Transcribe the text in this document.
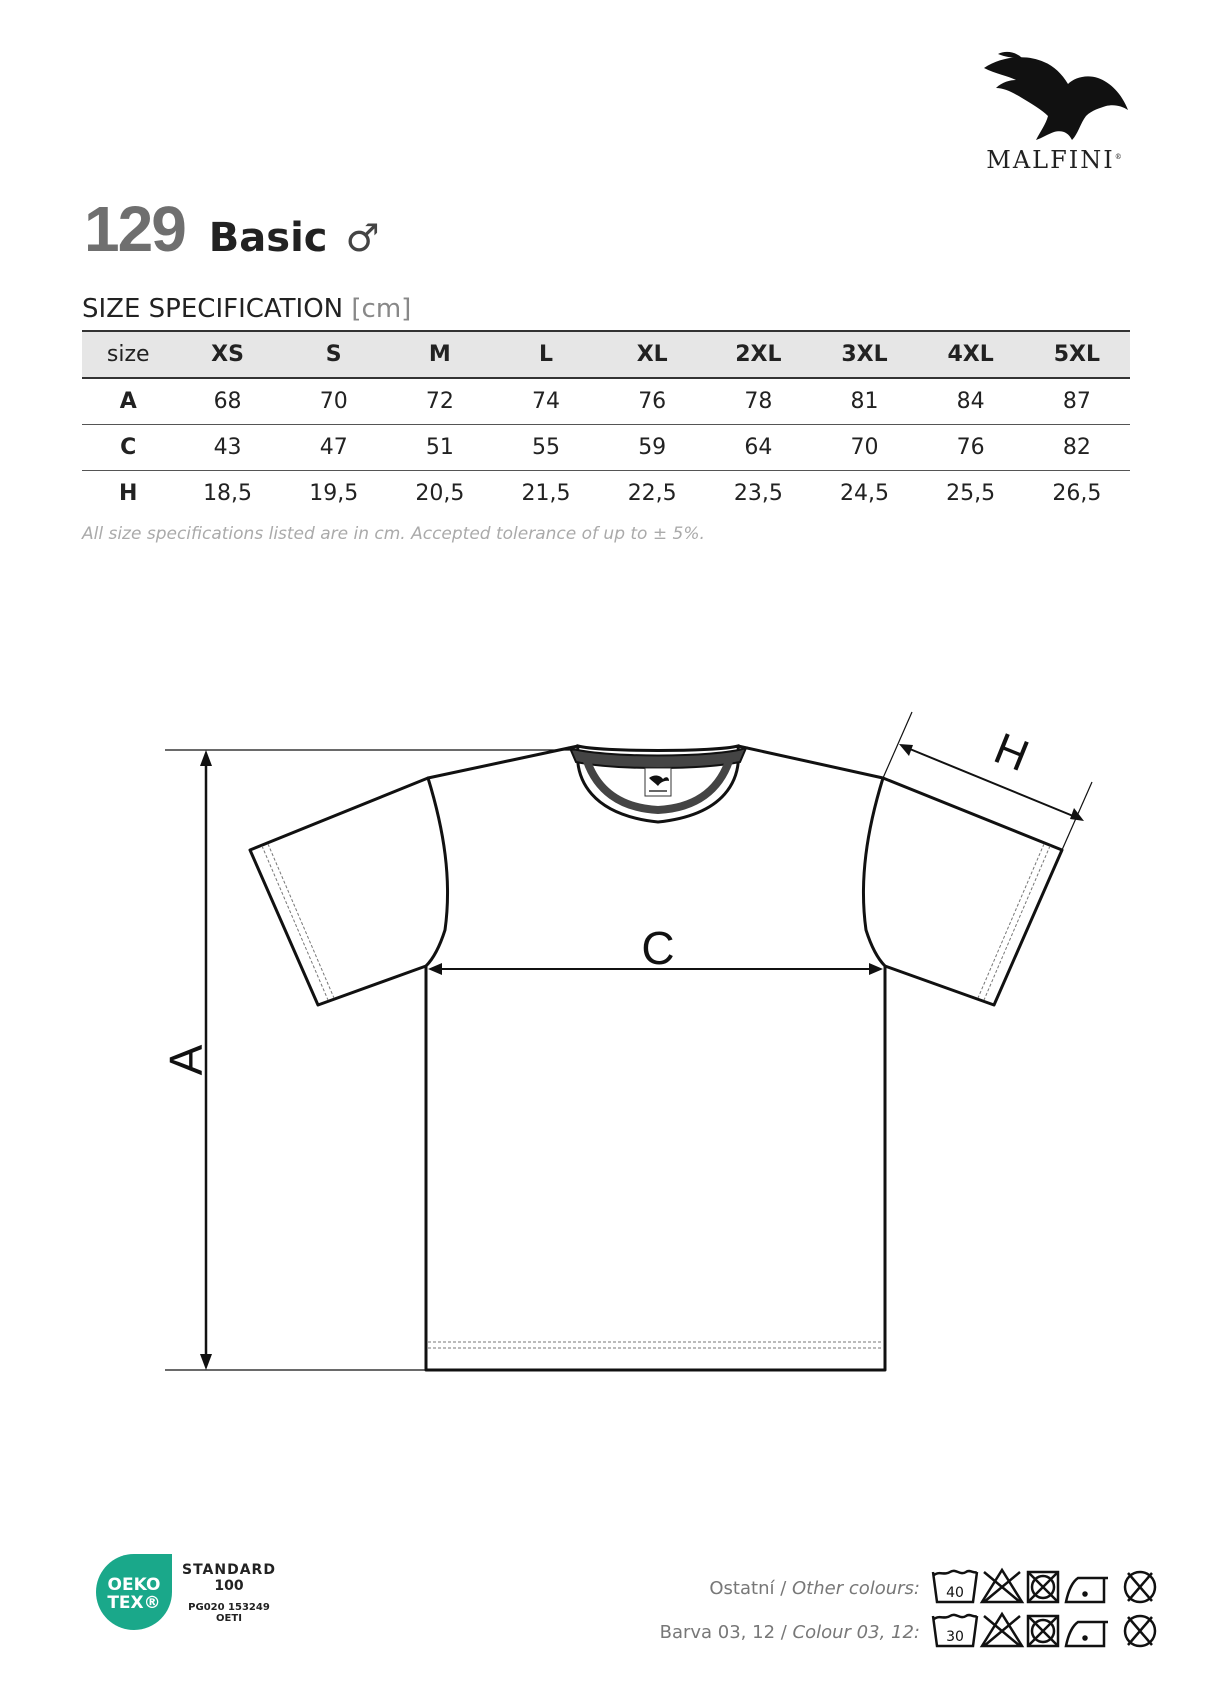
MALFINI®
129 Basic ♂
SIZE SPECIFICATION [cm]
size	XS	S	M	L	XL	2XL	3XL	4XL	5XL
A	68	70	72	74	76	78	81	84	87
C	43	47	51	55	59	64	70	76	82
H	18,5	19,5	20,5	21,5	22,5	23,5	24,5	25,5	26,5
All size specifications listed are in cm. Accepted tolerance of up to ± 5%.
A
C
H
OEKO
TEX®
STANDARD
100
PG020 153249
OETI
Ostatní / Other colours:
Barva 03, 12 / Colour 03, 12:
40
30
